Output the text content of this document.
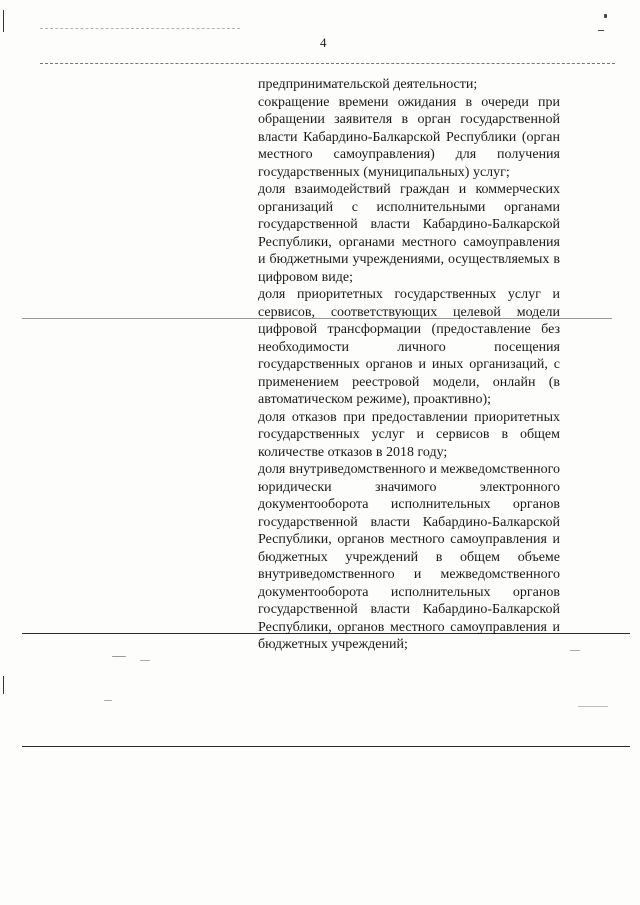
4
предпринимательской деятельности;
сокращение времени ожидания в очереди при обращении заявителя в орган государственной власти Кабардино-Балкарской Республики (орган местного самоуправления) для получения государственных (муниципальных) услуг;
доля взаимодействий граждан и коммерческих организаций с исполнительными органами государственной власти Кабардино-Балкарской Республики, органами местного самоуправления и бюджетными учреждениями, осуществляемых в цифровом виде;
доля приоритетных государственных услуг и сервисов, соответствующих целевой модели цифровой трансформации (предоставление без необходимости личного посещения государственных органов и иных организаций, с применением реестровой модели, онлайн (в автоматическом режиме), проактивно);
доля отказов при предоставлении приоритетных государственных услуг и сервисов в общем количестве отказов в 2018 году;
доля внутриведомственного и межведомственного юридически значимого электронного документооборота исполнительных органов государственной власти Кабардино-Балкарской Республики, органов местного самоуправления и бюджетных учреждений в общем объеме внутриведомственного и межведомственного документооборота исполнительных органов государственной власти Кабардино-Балкарской Республики, органов местного самоуправления и бюджетных учреждений;
